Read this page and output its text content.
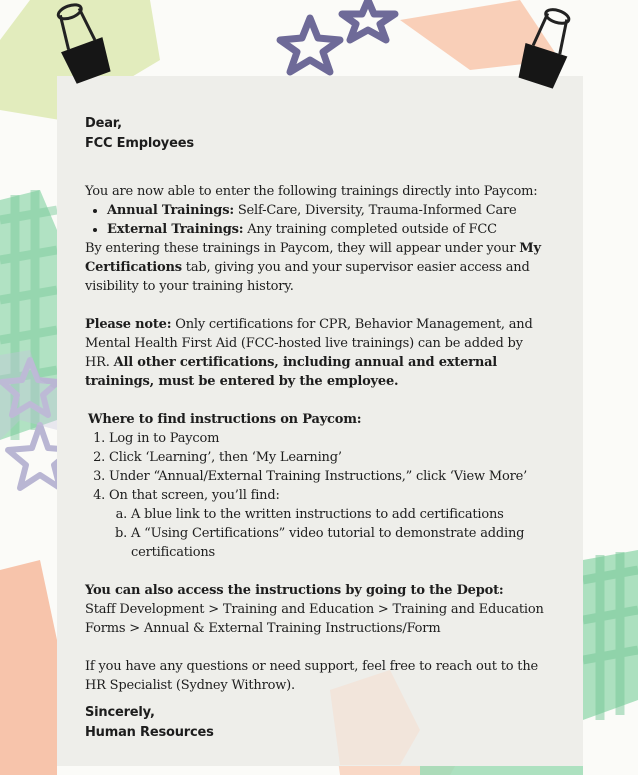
Dear,

FCC Employees

You are now able to enter the following trainings directly into Paycom:

• Annual Trainings: Self-Care, Diversity, Trauma-Informed Care
• External Trainings: Any training completed outside of FCC

By entering these trainings in Paycom, they will appear under your My Certifications tab, giving you and your supervisor easier access and visibility to your training history.

Please note: Only certifications for CPR, Behavior Management, and Mental Health First Aid (FCC-hosted live trainings) can be added by HR. All other certifications, including annual and external trainings, must be entered by the employee.

Where to find instructions on Paycom:

1. Log in to Paycom
2. Click ‘Learning’, then ‘My Learning’
3. Under “Annual/External Training Instructions,” click ‘View More’
4. On that screen, you’ll find:
a. A blue link to the written instructions to add certifications
b. A “Using Certifications” video tutorial to demonstrate adding certifications

You can also access the instructions by going to the Depot:

Staff Development > Training and Education > Training and Education Forms > Annual & External Training Instructions/Form

If you have any questions or need support, feel free to reach out to the HR Specialist (Sydney Withrow).

Sincerely,

Human Resources
